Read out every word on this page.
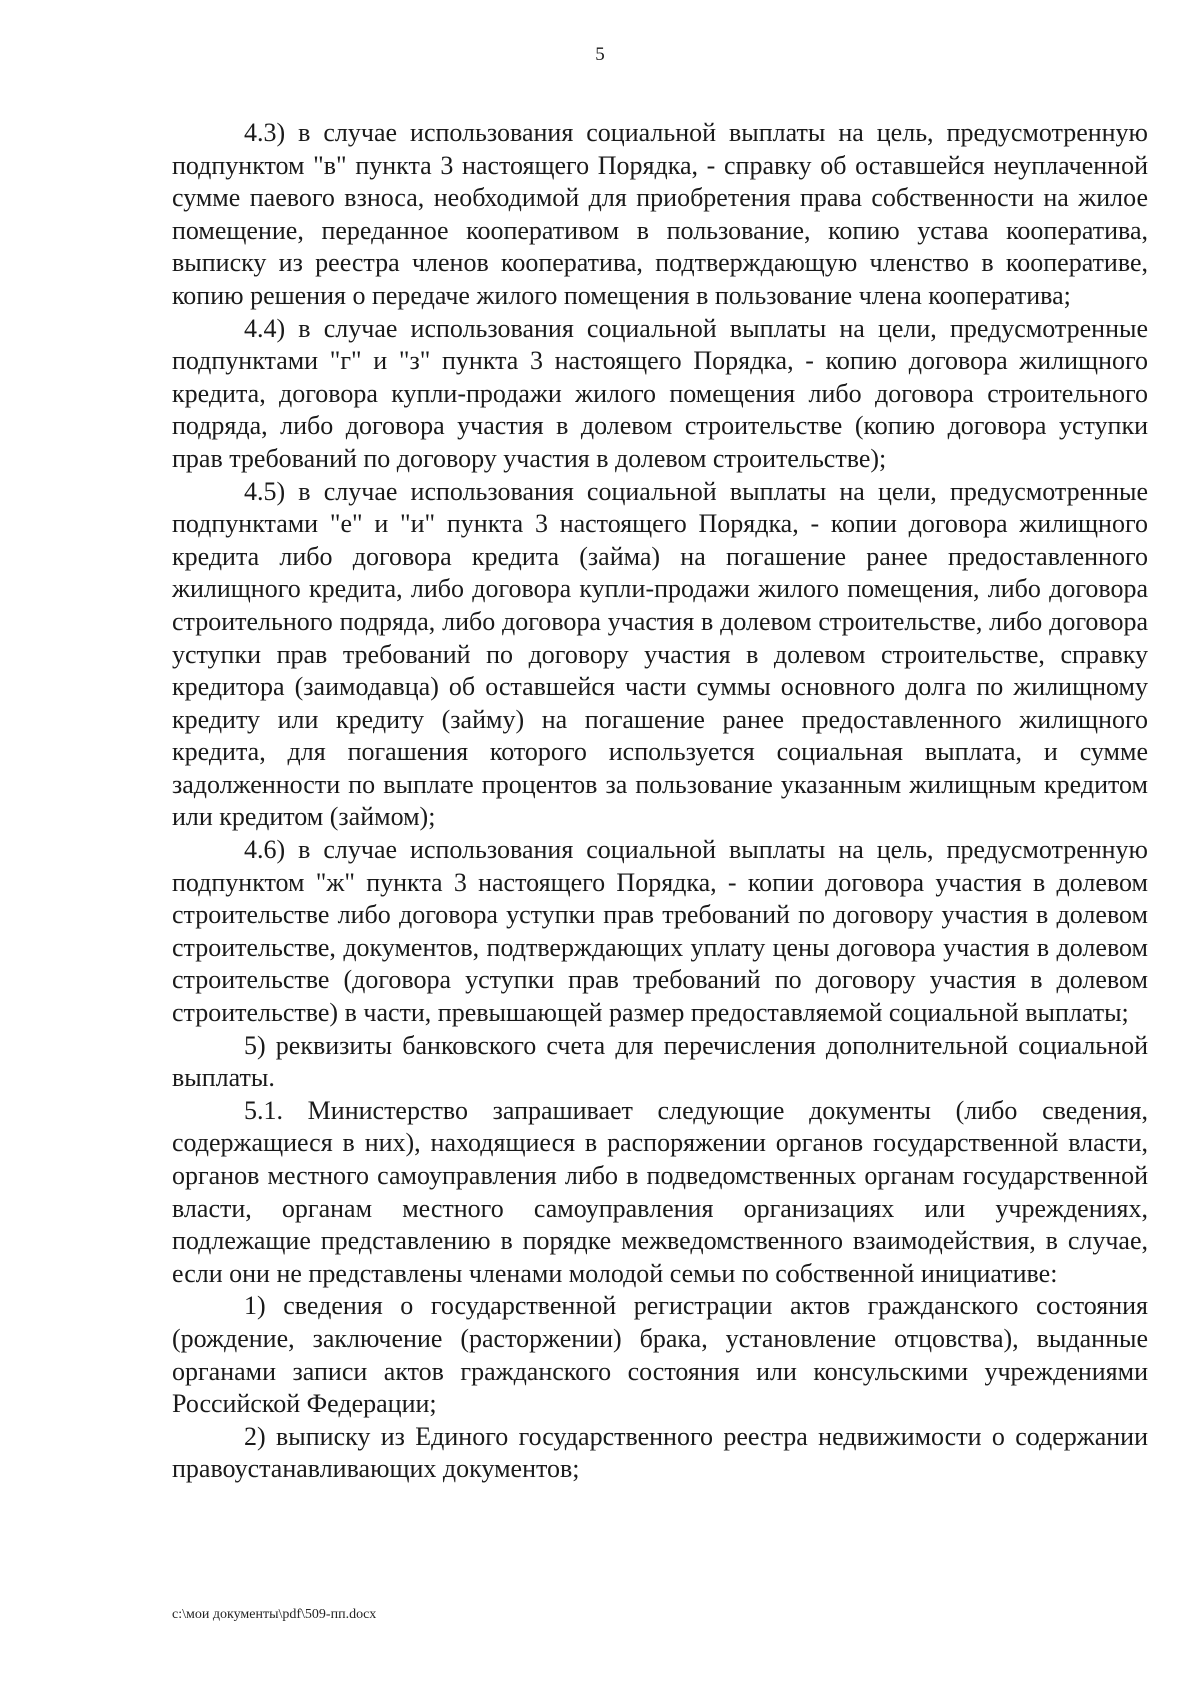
5

4.3) в случае использования социальной выплаты на цель, предусмотренную подпунктом "в" пункта 3 настоящего Порядка, - справку об оставшейся неуплаченной сумме паевого взноса, необходимой для приобретения права собственности на жилое помещение, переданное кооперативом в пользование, копию устава кооператива, выписку из реестра членов кооператива, подтверждающую членство в кооперативе, копию решения о передаче жилого помещения в пользование члена кооператива;

4.4) в случае использования социальной выплаты на цели, предусмотренные подпунктами "г" и "з" пункта 3 настоящего Порядка, - копию договора жилищного кредита, договора купли-продажи жилого помещения либо договора строительного подряда, либо договора участия в долевом строительстве (копию договора уступки прав требований по договору участия в долевом строительстве);

4.5) в случае использования социальной выплаты на цели, предусмотренные подпунктами "е" и "и" пункта 3 настоящего Порядка, - копии договора жилищного кредита либо договора кредита (займа) на погашение ранее предоставленного жилищного кредита, либо договора купли-продажи жилого помещения, либо договора строительного подряда, либо договора участия в долевом строительстве, либо договора уступки прав требований по договору участия в долевом строительстве, справку кредитора (заимодавца) об оставшейся части суммы основного долга по жилищному кредиту или кредиту (займу) на погашение ранее предоставленного жилищного кредита, для погашения которого используется социальная выплата, и сумме задолженности по выплате процентов за пользование указанным жилищным кредитом или кредитом (займом);

4.6) в случае использования социальной выплаты на цель, предусмотренную подпунктом "ж" пункта 3 настоящего Порядка, - копии договора участия в долевом строительстве либо договора уступки прав требований по договору участия в долевом строительстве, документов, подтверждающих уплату цены договора участия в долевом строительстве (договора уступки прав требований по договору участия в долевом строительстве) в части, превышающей размер предоставляемой социальной выплаты;

5) реквизиты банковского счета для перечисления дополнительной социальной выплаты.

5.1. Министерство запрашивает следующие документы (либо сведения, содержащиеся в них), находящиеся в распоряжении органов государственной власти, органов местного самоуправления либо в подведомственных органам государственной власти, органам местного самоуправления организациях или учреждениях, подлежащие представлению в порядке межведомственного взаимодействия, в случае, если они не представлены членами молодой семьи по собственной инициативе:

1) сведения о государственной регистрации актов гражданского состояния (рождение, заключение (расторжении) брака, установление отцовства), выданные органами записи актов гражданского состояния или консульскими учреждениями Российской Федерации;

2) выписку из Единого государственного реестра недвижимости о содержании правоустанавливающих документов;

c:\мои документы\pdf\509-пп.docx
